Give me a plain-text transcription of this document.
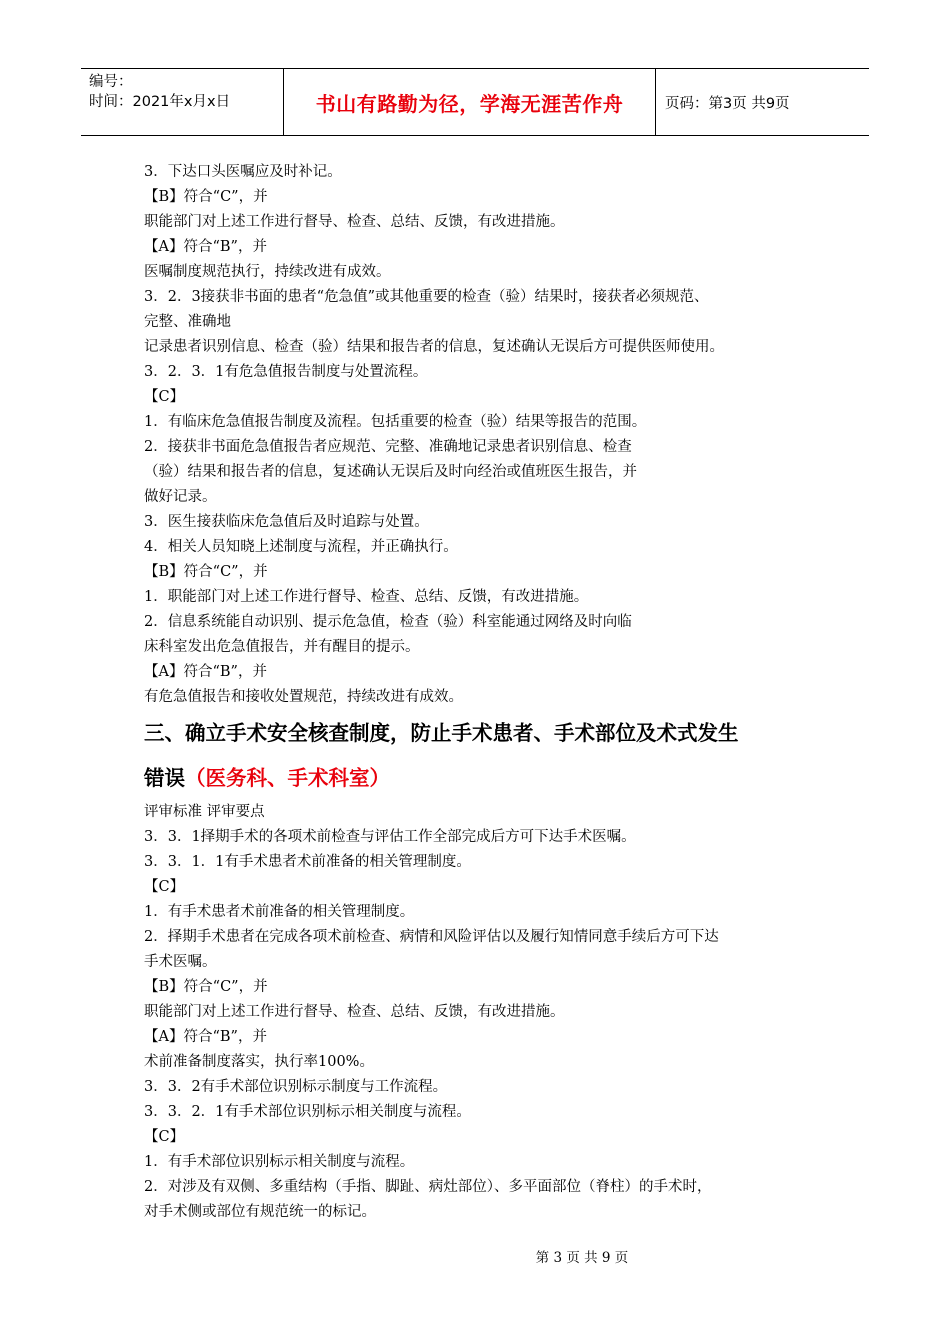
编号：
时间：2021年x月x日	书山有路勤为径，学海无涯苦作舟	页码：第3页 共9页
3．下达口头医嘱应及时补记。
【B】符合“C”，并
职能部门对上述工作进行督导、检查、总结、反馈，有改进措施。
【A】符合“B”，并
医嘱制度规范执行，持续改进有成效。
3．2．3接获非书面的患者“危急值”或其他重要的检查（验）结果时，接获者必须规范、
完整、准确地
记录患者识别信息、检查（验）结果和报告者的信息，复述确认无误后方可提供医师使用。
3．2．3．1有危急值报告制度与处置流程。
【C】
1．有临床危急值报告制度及流程。包括重要的检查（验）结果等报告的范围。
2．接获非书面危急值报告者应规范、完整、准确地记录患者识别信息、检查
（验）结果和报告者的信息，复述确认无误后及时向经治或值班医生报告，并
做好记录。
3．医生接获临床危急值后及时追踪与处置。
4．相关人员知晓上述制度与流程，并正确执行。
【B】符合“C”，并
1．职能部门对上述工作进行督导、检查、总结、反馈，有改进措施。
2．信息系统能自动识别、提示危急值，检查（验）科室能通过网络及时向临
床科室发出危急值报告，并有醒目的提示。
【A】符合“B”，并
有危急值报告和接收处置规范，持续改进有成效。
三、确立手术安全核查制度，防止手术患者、手术部位及术式发生
错误（医务科、手术科室）
评审标准 评审要点
3．3．1择期手术的各项术前检查与评估工作全部完成后方可下达手术医嘱。
3．3．1．1有手术患者术前准备的相关管理制度。
【C】
1．有手术患者术前准备的相关管理制度。
2．择期手术患者在完成各项术前检查、病情和风险评估以及履行知情同意手续后方可下达
手术医嘱。
【B】符合“C”，并
职能部门对上述工作进行督导、检查、总结、反馈，有改进措施。
【A】符合“B”，并
术前准备制度落实，执行率100%。
3．3．2有手术部位识别标示制度与工作流程。
3．3．2．1有手术部位识别标示相关制度与流程。
【C】
1．有手术部位识别标示相关制度与流程。
2．对涉及有双侧、多重结构（手指、脚趾、病灶部位）、多平面部位（脊柱）的手术时，
对手术侧或部位有规范统一的标记。
第 3 页 共 9 页
